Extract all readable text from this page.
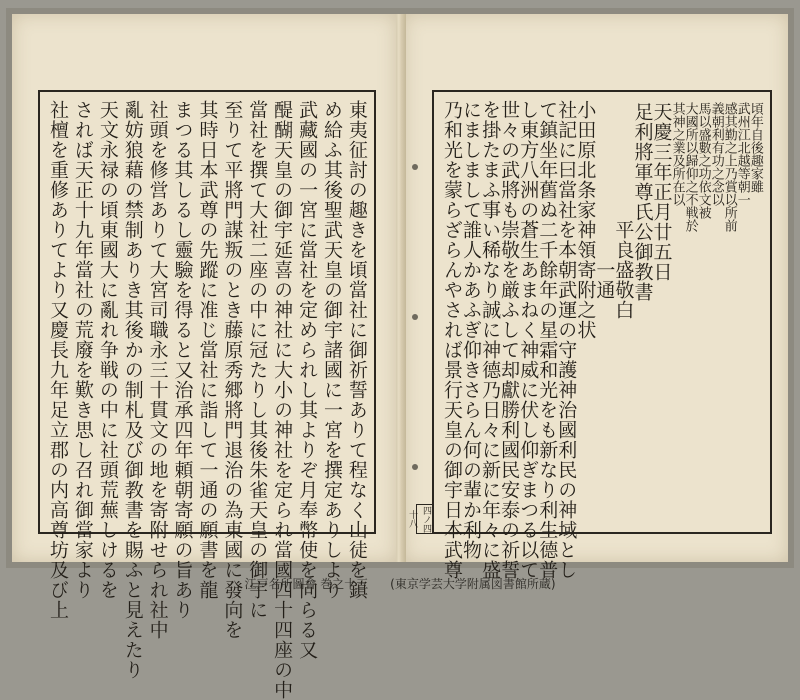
頃年自後趣家雖
武州江北越等朝一
感其勤之上乃賞以所前
義朝利有功之念以
馬以盛數之功依文被
大國所以歸仰之不戦於
其神之業及所在以
天慶三年正月廿五日
足利將軍尊氏公御教書
平良盛敬白
一通
小田原北条家神領寄附之状
社記に曰當社を本朝武運の守護神治國利民の神域とし
て鎮坐年舊ぬ二千餘年の星霜和光をも新なり利生德普
し東方八洲の蒼生あまねく神威に伏し仰ぎまつる以て
世々の武將も崇敬を厳ふして却獻勝利國民安泰の祈誓
を掛たまふ事い稀なり誠に神德乃日々に新に年々に盛
にましまして誰人かあふぎ仰きさらん何の輩か利物
乃和光を蒙らざらんやされば景行天皇の御宇日本武尊
四ノ四十八
東夷征討の趣きを頃當社に御祈誓ありて程なく山徒を鎮
め給ふ其後聖武天皇の御宇諸國に一宮を撰定ありしより
武藏國の一宮に當社を定められし其よりぞ月奉幣使を向らる又
醍醐天皇の御宇延喜の神社に大小の神社を定られ當國四十四座の中
當社を撰て大社二座の中に冠たりし其後朱雀天皇の御宇に
至りて平將門謀叛のとき藤原秀郷將門退治の為東國に發向を
其時日本武尊の先蹤に准じ當社に詣して一通の願書を龍
まつる其しるし靈驗を得ると又治承四年頼朝寄願の旨あり
社頭を修営ありて大宮司職永三十貫文の地を寄附せられ社中
亂妨狼藉の禁制ありき其後かの制札及び御教書を賜ふと見えたり
天文永禄の頃東國大に亂れ争戦の中に社頭荒蕪しけるを
されば天正十九年當社の荒廢を歎き思し召れ御當家より
社檀を重修ありてより又慶長九年足立郡の内高尊坊及び上	江戸名所圖會 巻之十三 (東京学芸大学附属図書館所蔵)
